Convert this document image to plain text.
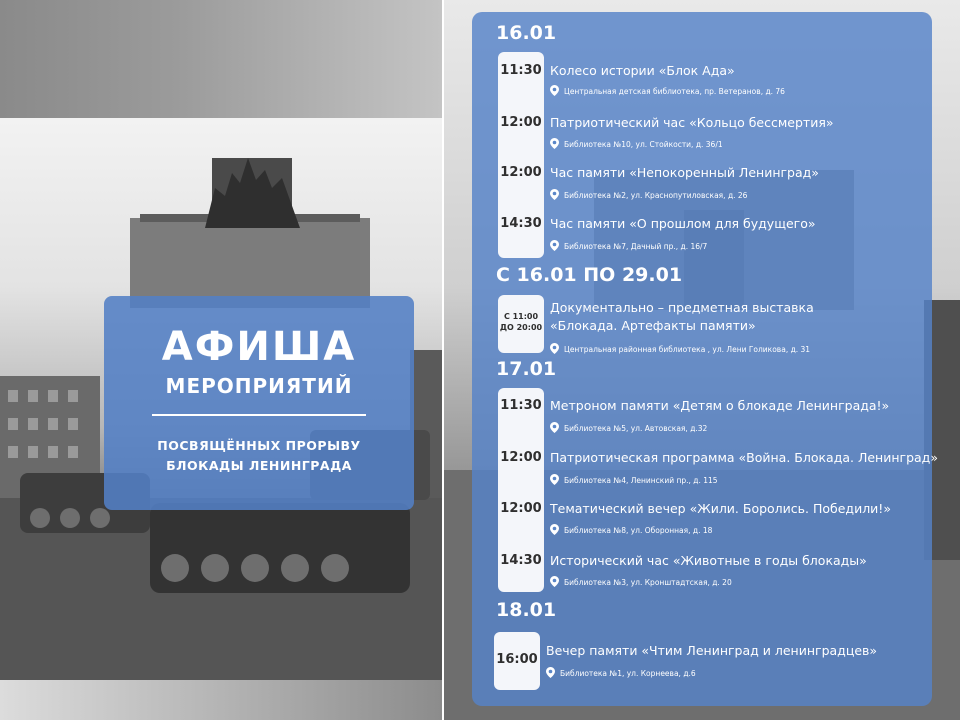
АФИША
МЕРОПРИЯТИЙ
ПОСВЯЩЁННЫХ ПРОРЫВУ
БЛОКАДЫ ЛЕНИНГРАДА
16.01
11:30 Колесо истории «Блок Ада»
Центральная детская библиотека, пр. Ветеранов, д. 76
12:00 Патриотический час «Кольцо бессмертия»
Библиотека №10, ул. Стойкости, д. 36/1
12:00 Час памяти «Непокоренный Ленинград»
Библиотека №2, ул. Краснопутиловская, д. 26
14:30 Час памяти «О прошлом для будущего»
Библиотека №7, Дачный пр., д. 16/7
С 16.01 ПО 29.01
С 11:00
ДО 20:00
Документально – предметная выставка
«Блокада. Артефакты памяти»
Центральная районная библиотека , ул. Лени Голикова, д. 31
17.01
11:30 Метроном памяти «Детям о блокаде Ленинграда!»
Библиотека №5, ул. Автовская, д.32
12:00 Патриотическая программа «Война. Блокада. Ленинград»
Библиотека №4, Ленинский пр., д. 115
12:00 Тематический вечер «Жили. Боролись. Победили!»
Библиотека №8, ул. Оборонная, д. 18
14:30 Исторический час «Животные в годы блокады»
Библиотека №3, ул. Кронштадтская, д. 20
18.01
16:00
Вечер памяти «Чтим Ленинград и ленинградцев»
Библиотека №1, ул. Корнеева, д.6
